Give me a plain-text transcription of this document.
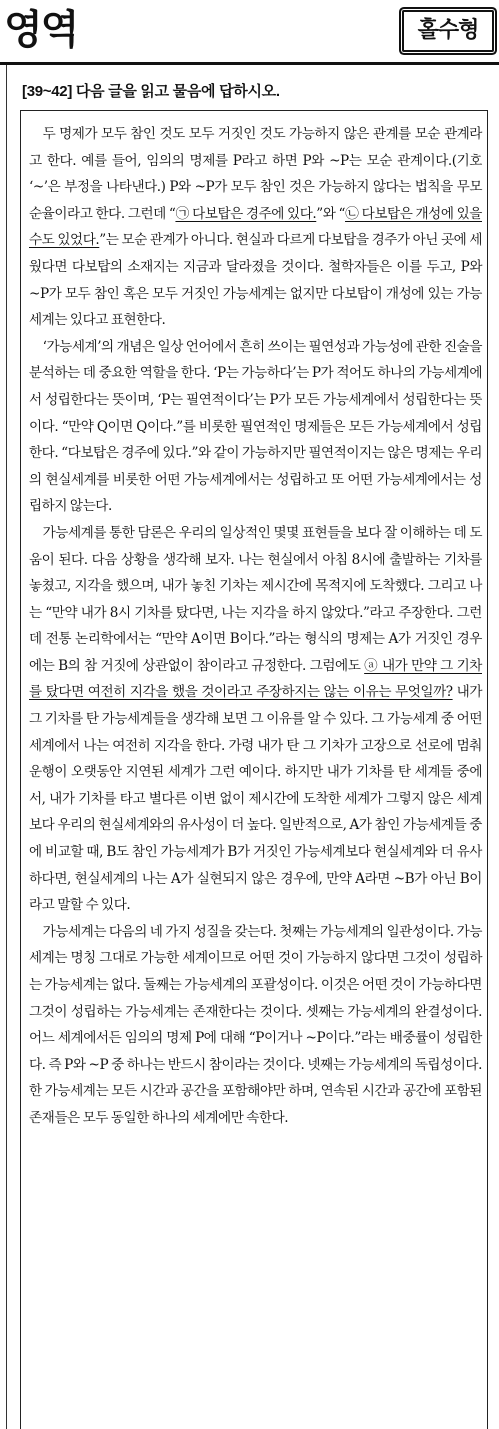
영역	홀수형
[39~42] 다음 글을 읽고 물음에 답하시오.

두 명제가 모두 참인 것도 모두 거짓인 것도 가능하지 않은 관계를 모순 관계라고 한다. 예를 들어, 임의의 명제를 P라고 하면 P와 ~P는 모순 관계이다.(기호 ‘~’은 부정을 나타낸다.) P와 ~P가 모두 참인 것은 가능하지 않다는 법칙을 무모순율이라고 한다. 그런데 “㉠ 다보탑은 경주에 있다.”와 “㉡ 다보탑은 개성에 있을 수도 있었다.”는 모순 관계가 아니다. 현실과 다르게 다보탑을 경주가 아닌 곳에 세웠다면 다보탑의 소재지는 지금과 달라졌을 것이다. 철학자들은 이를 두고, P와 ~P가 모두 참인 혹은 모두 거짓인 가능세계는 없지만 다보탑이 개성에 있는 가능세계는 있다고 표현한다.

‘가능세계’의 개념은 일상 언어에서 흔히 쓰이는 필연성과 가능성에 관한 진술을 분석하는 데 중요한 역할을 한다. ‘P는 가능하다’는 P가 적어도 하나의 가능세계에서 성립한다는 뜻이며, ‘P는 필연적이다’는 P가 모든 가능세계에서 성립한다는 뜻이다. “만약 Q이면 Q이다.”를 비롯한 필연적인 명제들은 모든 가능세계에서 성립한다. “다보탑은 경주에 있다.”와 같이 가능하지만 필연적이지는 않은 명제는 우리의 현실세계를 비롯한 어떤 가능세계에서는 성립하고 또 어떤 가능세계에서는 성립하지 않는다.

가능세계를 통한 담론은 우리의 일상적인 몇몇 표현들을 보다 잘 이해하는 데 도움이 된다. 다음 상황을 생각해 보자. 나는 현실에서 아침 8시에 출발하는 기차를 놓쳤고, 지각을 했으며, 내가 놓친 기차는 제시간에 목적지에 도착했다. 그리고 나는 “만약 내가 8시 기차를 탔다면, 나는 지각을 하지 않았다.”라고 주장한다. 그런데 전통 논리학에서는 “만약 A이면 B이다.”라는 형식의 명제는 A가 거짓인 경우에는 B의 참 거짓에 상관없이 참이라고 규정한다. 그럼에도 ⓐ 내가 만약 그 기차를 탔다면 여전히 지각을 했을 것이라고 주장하지는 않는 이유는 무엇일까? 내가 그 기차를 탄 가능세계들을 생각해 보면 그 이유를 알 수 있다. 그 가능세계 중 어떤 세계에서 나는 여전히 지각을 한다. 가령 내가 탄 그 기차가 고장으로 선로에 멈춰 운행이 오랫동안 지연된 세계가 그런 예이다. 하지만 내가 기차를 탄 세계들 중에서, 내가 기차를 타고 별다른 이변 없이 제시간에 도착한 세계가 그렇지 않은 세계보다 우리의 현실세계와의 유사성이 더 높다. 일반적으로, A가 참인 가능세계들 중에 비교할 때, B도 참인 가능세계가 B가 거짓인 가능세계보다 현실세계와 더 유사하다면, 현실세계의 나는 A가 실현되지 않은 경우에, 만약 A라면 ~B가 아닌 B이라고 말할 수 있다.

가능세계는 다음의 네 가지 성질을 갖는다. 첫째는 가능세계의 일관성이다. 가능세계는 명칭 그대로 가능한 세계이므로 어떤 것이 가능하지 않다면 그것이 성립하는 가능세계는 없다. 둘째는 가능세계의 포괄성이다. 이것은 어떤 것이 가능하다면 그것이 성립하는 가능세계는 존재한다는 것이다. 셋째는 가능세계의 완결성이다. 어느 세계에서든 임의의 명제 P에 대해 “P이거나 ~P이다.”라는 배중률이 성립한다. 즉 P와 ~P 중 하나는 반드시 참이라는 것이다. 넷째는 가능세계의 독립성이다. 한 가능세계는 모든 시간과 공간을 포함해야만 하며, 연속된 시간과 공간에 포함된 존재들은 모두 동일한 하나의 세계에만 속한다.
